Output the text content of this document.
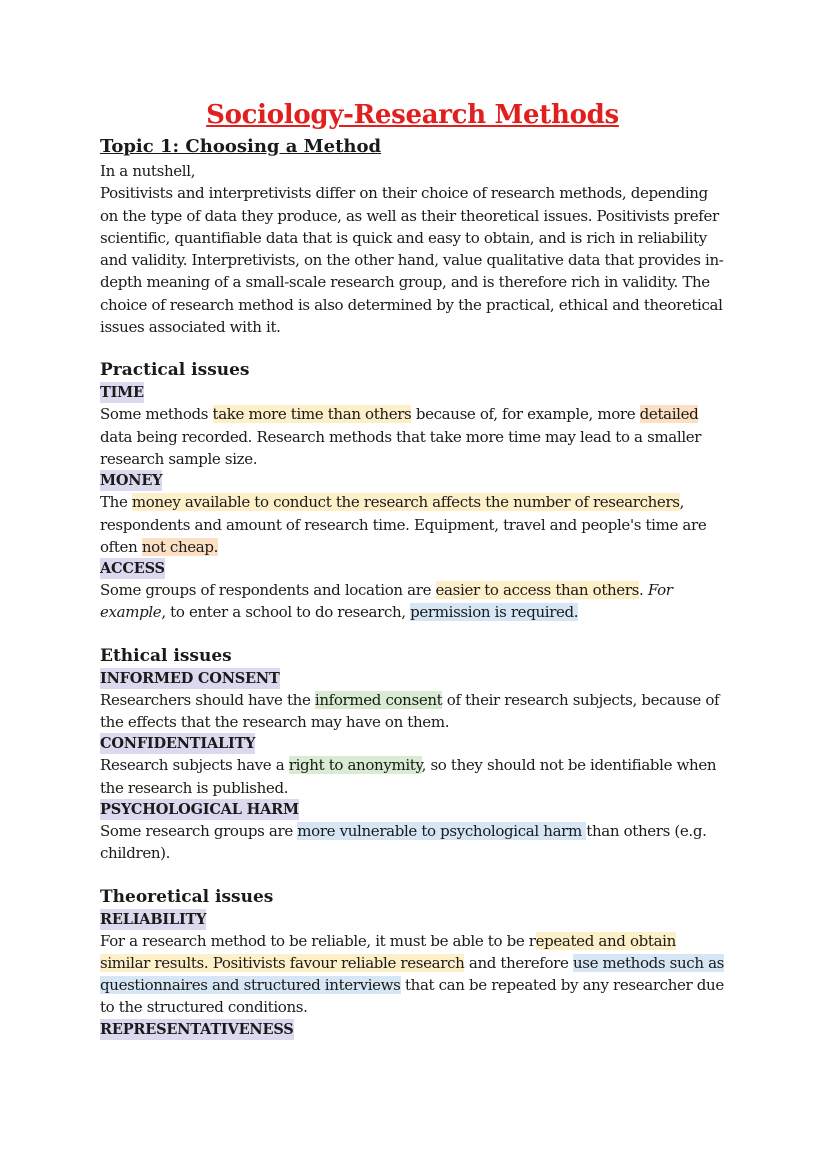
Sociology-Research Methods
Topic 1: Choosing a Method

In a nutshell,

Positivists and interpretivists differ on their choice of research methods, depending on the type of data they produce, as well as their theoretical issues. Positivists prefer scientific, quantifiable data that is quick and easy to obtain, and is rich in reliability and validity. Interpretivists, on the other hand, value qualitative data that provides in-depth meaning of a small-scale research group, and is therefore rich in validity. The choice of research method is also determined by the practical, ethical and theoretical issues associated with it.

Practical issues
TIME

Some methods take more time than others because of, for example, more detailed data being recorded. Research methods that take more time may lead to a smaller research sample size.

MONEY

The money available to conduct the research affects the number of researchers, respondents and amount of research time. Equipment, travel and people's time are often not cheap.

ACCESS

Some groups of respondents and location are easier to access than others. For example, to enter a school to do research, permission is required.

Ethical issues
INFORMED CONSENT

Researchers should have the informed consent of their research subjects, because of the effects that the research may have on them.

CONFIDENTIALITY

Research subjects have a right to anonymity, so they should not be identifiable when the research is published.

PSYCHOLOGICAL HARM

Some research groups are more vulnerable to psychological harm than others (e.g. children).

Theoretical issues
RELIABILITY

For a research method to be reliable, it must be able to be repeated and obtain similar results. Positivists favour reliable research and therefore use methods such as questionnaires and structured interviews that can be repeated by any researcher due to the structured conditions.

REPRESENTATIVENESS
